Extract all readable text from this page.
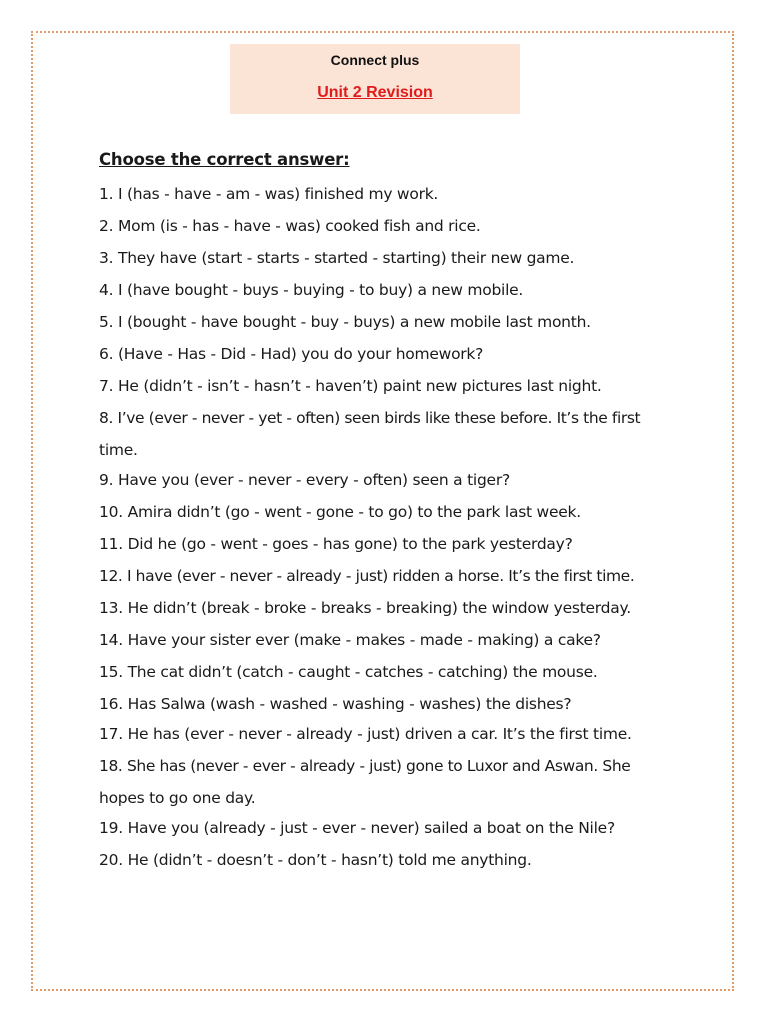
Connect plus
Unit 2 Revision
Choose the correct answer:
1. I (has - have - am - was) finished my work.
2. Mom (is - has - have - was) cooked fish and rice.
3. They have (start - starts - started - starting) their new game.
4. I (have bought - buys - buying - to buy) a new mobile.
5. I (bought - have bought - buy - buys) a new mobile last month.
6. (Have - Has - Did - Had) you do your homework?
7. He (didn’t - isn’t - hasn’t - haven’t) paint new pictures last night.
8. I’ve (ever - never - yet - often) seen birds like these before. It’s the first
time.
9. Have you (ever - never - every - often) seen a tiger?
10. Amira didn’t (go - went - gone - to go) to the park last week.
11. Did he (go - went - goes - has gone) to the park yesterday?
12. I have (ever - never - already - just) ridden a horse. It’s the first time.
13. He didn’t (break - broke - breaks - breaking) the window yesterday.
14. Have your sister ever (make - makes - made - making) a cake?
15. The cat didn’t (catch - caught - catches - catching) the mouse.
16. Has Salwa (wash - washed - washing - washes) the dishes?
17. He has (ever - never - already - just) driven a car. It’s the first time.
18. She has (never - ever - already - just) gone to Luxor and Aswan. She
hopes to go one day.
19. Have you (already - just - ever - never) sailed a boat on the Nile?
20. He (didn’t - doesn’t - don’t - hasn’t) told me anything.
